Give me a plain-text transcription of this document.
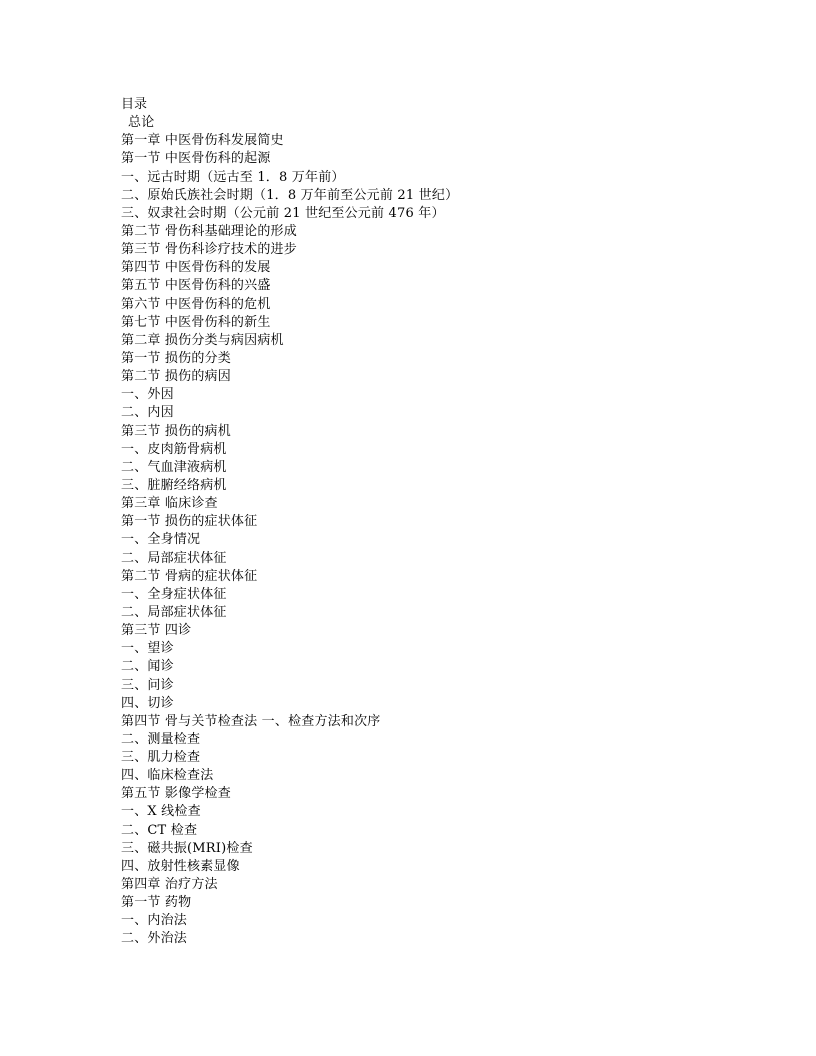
目录
总论
第一章 中医骨伤科发展简史
第一节 中医骨伤科的起源
一、远古时期（远古至 1．8 万年前）
二、原始氏族社会时期（1．8 万年前至公元前 21 世纪）
三、奴隶社会时期（公元前 21 世纪至公元前 476 年）
第二节 骨伤科基础理论的形成
第三节 骨伤科诊疗技术的进步
第四节 中医骨伤科的发展
第五节 中医骨伤科的兴盛
第六节 中医骨伤科的危机
第七节 中医骨伤科的新生
第二章 损伤分类与病因病机
第一节 损伤的分类
第二节 损伤的病因
一、外因
二、内因
第三节 损伤的病机
一、皮肉筋骨病机
二、气血津液病机
三、脏腑经络病机
第三章 临床诊查
第一节 损伤的症状体征
一、全身情况
二、局部症状体征
第二节 骨病的症状体征
一、全身症状体征
二、局部症状体征
第三节 四诊
一、望诊
二、闻诊
三、问诊
四、切诊
第四节 骨与关节检查法 一、检查方法和次序
二、测量检查
三、肌力检查
四、临床检查法
第五节 影像学检查
一、X 线检查
二、CT 检查
三、磁共振(MRI)检查
四、放射性核素显像
第四章 治疗方法
第一节 药物
一、内治法
二、外治法
